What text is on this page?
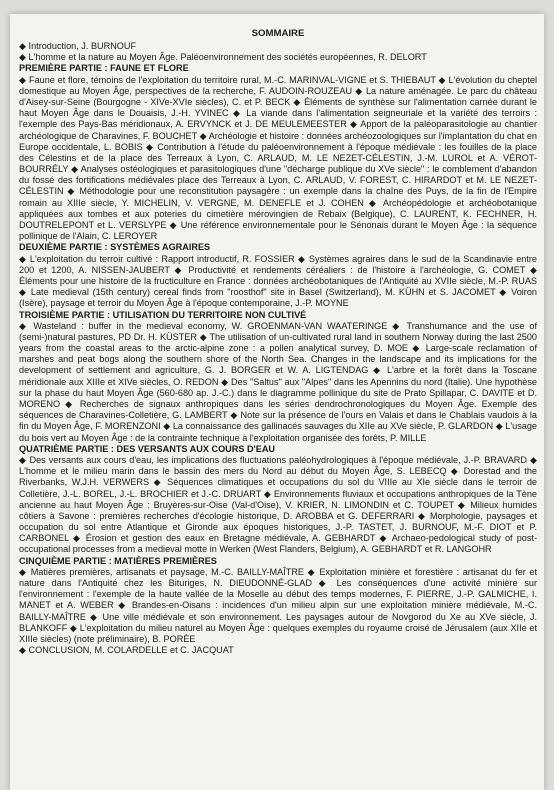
SOMMAIRE

◆ Introduction, J. BURNOUF

◆ L'homme et la nature au Moyen Âge. Paléoenvironnement des sociétés européennes, R. DELORT

PREMIÈRE PARTIE : FAUNE ET FLORE

◆ Faune et flore, témoins de l'exploitation du territoire rural, M.-C. MARINVAL-VIGNE et S. THIEBAUT ◆ L'évolution du cheptel domestique au Moyen Âge, perspectives de la recherche, F. AUDOIN-ROUZEAU ◆ La nature aménagée. Le parc du château d'Aisey-sur-Seine (Bourgogne - XIVe-XVIe siècles), C. et P. BECK ◆ Éléments de synthèse sur l'alimentation carnée durant le haut Moyen Âge dans le Douaisis, J.-H. YVINEC ◆ La viande dans l'alimentation seigneuriale et la variété des terroirs : l'exemple des Pays-Bas méridionaux, A. ERVYNCK et J. DE MEULEMEESTER ◆ Apport de la paléoparasitologie au chantier archéologique de Charavines, F. BOUCHET ◆ Archéologie et histoire : données archéozoologiques sur l'implantation du chat en Europe occidentale, L. BOBIS ◆ Contribution à l'étude du paléoenvironnement à l'époque médiévale : les fouilles de la place des Célestins et de la place des Terreaux à Lyon, C. ARLAUD, M. LE NEZET-CÉLESTIN, J.-M. LUROL et A. VÉROT-BOURRÉLY ◆ Analyses ostéologiques et parasitologiques d'une "décharge publique du XVe siècle" : le comblement d'abandon du fossé des fortifications médiévales place des Terreaux à Lyon, C. ARLAUD, V. FOREST, C. HIRARDOT et M. LE NEZET-CÉLESTIN ◆ Méthodologie pour une reconstitution paysagère : un exemple dans la chaîne des Puys, de la fin de l'Empire romain au XIIIe siècle, Y. MICHELIN, V. VERGNE, M. DENEFLE et J. COHEN ◆ Archéopédologie et archéobotanique appliquées aux tombes et aux poteries du cimetière mérovingien de Rebaix (Belgique), C. LAURENT, K. FECHNER, H. DOUTRELEPONT et L. VERSLYPE ◆ Une référence environnementale pour le Sénonais durant le Moyen Âge : la séquence pollinique de l'Alain, C. LEROYER

DEUXIÈME PARTIE : SYSTÈMES AGRAIRES

◆ L'exploitation du terroir cultivé : Rapport introductif, R. FOSSIER ◆ Systèmes agraires dans le sud de la Scandinavie entre 200 et 1200, A. NISSEN-JAUBERT ◆ Productivité et rendements céréaliers : de l'histoire à l'archéologie, G. COMET ◆ Éléments pour une histoire de la fructiculture en France : données archéobotaniques de l'Antiquité au XVIIe siècle, M.-P. RUAS ◆ Late medieval (15th century) cereal finds from "roosthof" site in Basel (Switzerland), M. KÜHN et S. JACOMET ◆ Voiron (Isère), paysage et terroir du Moyen Âge à l'époque contemporaine, J.-P. MOYNE

TROISIÈME PARTIE : UTILISATION DU TERRITOIRE NON CULTIVÉ

◆ Wasteland : buffer in the medieval economy, W. GROENMAN-VAN WAATERINGE ◆ Transhumance and the use of (semi-)natural pastures, PD Dr. H. KÜSTER ◆ The utilisation of un-cultivated rural land in southern Norway during the last 2500 years from the coastal areas to the arctic-alpine zone : a pollen analytical survey, D. MOE ◆ Large-scale reclamation of marshes and peat bogs along the southern shore of the North Sea. Changes in the landscape and its implications for the development of settlement and agriculture, G. J. BORGER et W. A. LIGTENDAG ◆ L'arbre et la forêt dans la Toscane méridionale aux XIIIe et XIVe siècles, O. REDON ◆ Des "Saltus" aux "Alpes" dans les Apennins du nord (Italie). Une hypothèse sur la phase du haut Moyen Âge (560-680 ap. J.-C.) dans le diagramme pollinique du site de Prato Spillapar, C. DAVITE et D. MORENO ◆ Recherches de signaux anthropiques dans les séries dendrochronologiques du Moyen Âge. Exemple des séquences de Charavines-Colletière, G. LAMBERT ◆ Note sur la présence de l'ours en Valais et dans le Chablais vaudois à la fin du Moyen Âge, F. MORENZONI ◆ La connaissance des gallinacés sauvages du XIIe au XVe siècle, P. GLARDON ◆ L'usage du bois vert au Moyen Âge : de la contrainte technique à l'exploitation organisée des forêts, P. MILLE

QUATRIÈME PARTIE : DES VERSANTS AUX COURS D'EAU

◆ Des versants aux cours d'eau, les implications des fluctuations paléohydrologiques à l'époque médiévale, J.-P. BRAVARD ◆ L'homme et le milieu marin dans le bassin des mers du Nord au début du Moyen Âge, S. LEBECQ ◆ Dorestad and the Riverbanks, W.J.H. VERWERS ◆ Séquences climatiques et occupations du sol du VIIIe au XIe siècle dans le terroir de Colletière, J.-L. BOREL, J.-L. BROCHIER et J.-C. DRUART ◆ Environnements fluviaux et occupations anthropiques de la Tène ancienne au haut Moyen Âge : Bruyères-sur-Oise (Val-d'Oise), V. KRIER, N. LIMONDIN et C. TOUPET ◆ Milieux humides côtiers à Savone : premières recherches d'écologie historique, D. AROBBA et G. DEFERRARI ◆ Morphologie, paysages et occupation du sol entre Atlantique et Gironde aux époques historiques, J.-P. TASTET, J. BURNOUF, M.-F. DIOT et P. CARBONEL ◆ Érosion et gestion des eaux en Bretagne médiévale, A. GEBHARDT ◆ Archaeo-pedological study of post-occupational processes from a medieval motte in Werken (West Flanders, Belgium), A. GEBHARDT et R. LANGOHR

CINQUIÈME PARTIE : MATIÈRES PREMIÈRES

◆ Matières premières, artisanats et paysage, M.-C. BAILLY-MAÎTRE ◆ Exploitation minière et forestière : artisanat du fer et nature dans l'Antiquité chez les Bituriges, N. DIEUDONNÉ-GLAD ◆ Les conséquences d'une activité minière sur l'environnement : l'exemple de la haute vallée de la Moselle au début des temps modernes, F. PIERRE, J.-P. GALMICHE, I. MANET et A. WEBER ◆ Brandes-en-Oisans : incidences d'un milieu alpin sur une exploitation minière médiévale, M.-C. BAILLY-MAÎTRE ◆ Une ville médiévale et son environnement. Les paysages autour de Novgorod du Xe au XVe siècle, J. BLANKOFF ◆ L'exploitation du milieu naturel au Moyen Âge : quelques exemples du royaume croisé de Jérusalem (aux XIIe et XIIIe siècles) (note préliminaire), B. PORÉE

◆ CONCLUSION, M. COLARDELLE et C. JACQUAT
